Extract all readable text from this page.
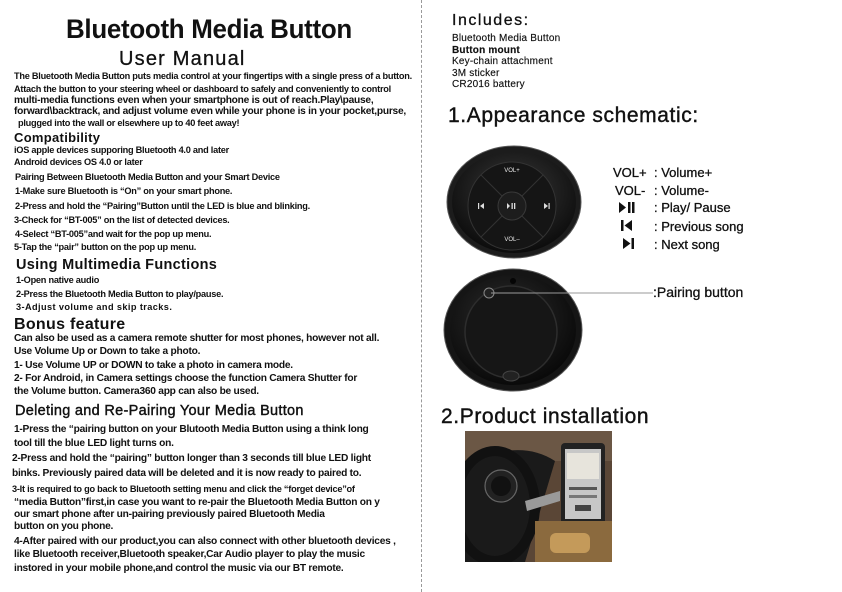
Bluetooth Media Button
User Manual
The Bluetooth Media Button puts media control at your fingertips with a single press of a button.
Attach the button to your steering wheel or dashboard to safely and conveniently to control
multi-media functions even when your smartphone is out of reach.Play\pause,
forward\backtrack, and adjust volume even while your phone is in your pocket,purse,
plugged into the wall or elsewhere up to 40 feet away!
Compatibility
iOS apple devices supporing Bluetooth 4.0 and later
Android devices OS 4.0 or later
Pairing Between Bluetooth Media Button and your Smart Device
1-Make sure Bluetooth is “On” on your smart phone.
2-Press and hold the “Pairing”Button until the LED is blue and blinking.
3-Check for “BT-005” on the list of detected devices.
4-Select “BT-005”and wait for the pop up menu.
5-Tap the “pair” button on the pop up menu.
Using Multimedia Functions
1-Open native audio
2-Press the Bluetooth Media Button to play/pause.
3-Adjust volume and skip tracks.
Bonus feature
Can also be used as a camera remote shutter for most phones, however not all.
Use Volume Up or Down to take a photo.
1- Use Volume UP or DOWN to take a photo in camera mode.
2- For Android, in Camera settings choose the function Camera Shutter for
the Volume button. Camera360 app can also be used.
Deleting and Re-Pairing Your Media Button
1-Press the “pairing button on your Blutooth Media Button using a think long
tool till the blue LED light turns on.
2-Press and hold the “pairing” button longer than 3 seconds till blue LED light
binks. Previously paired data will be deleted and it is now ready to paired to.
3-It is required to go back to Bluetooth setting menu and click the “forget device”of
“media Button”first,in case you want to re-pair the Bluetooth Media Button on y
our smart phone after un-pairing previously paired Bluetooth Media
button on you phone.
4-After paired with our product,you can also connect with other bluetooth devices ,
like Bluetooth receiver,Bluetooth speaker,Car Audio player to play the music
instored in your mobile phone,and control the music via our BT remote.
Includes:
Bluetooth Media Button
Button mount
Key-chain attachment
3M sticker
CR2016 battery
1.Appearance schematic:
VOL+
VOL–
VOL+ : Volume+
VOL- : Volume-
: Play/ Pause
: Previous song
: Next song
:Pairing button
2.Product installation
